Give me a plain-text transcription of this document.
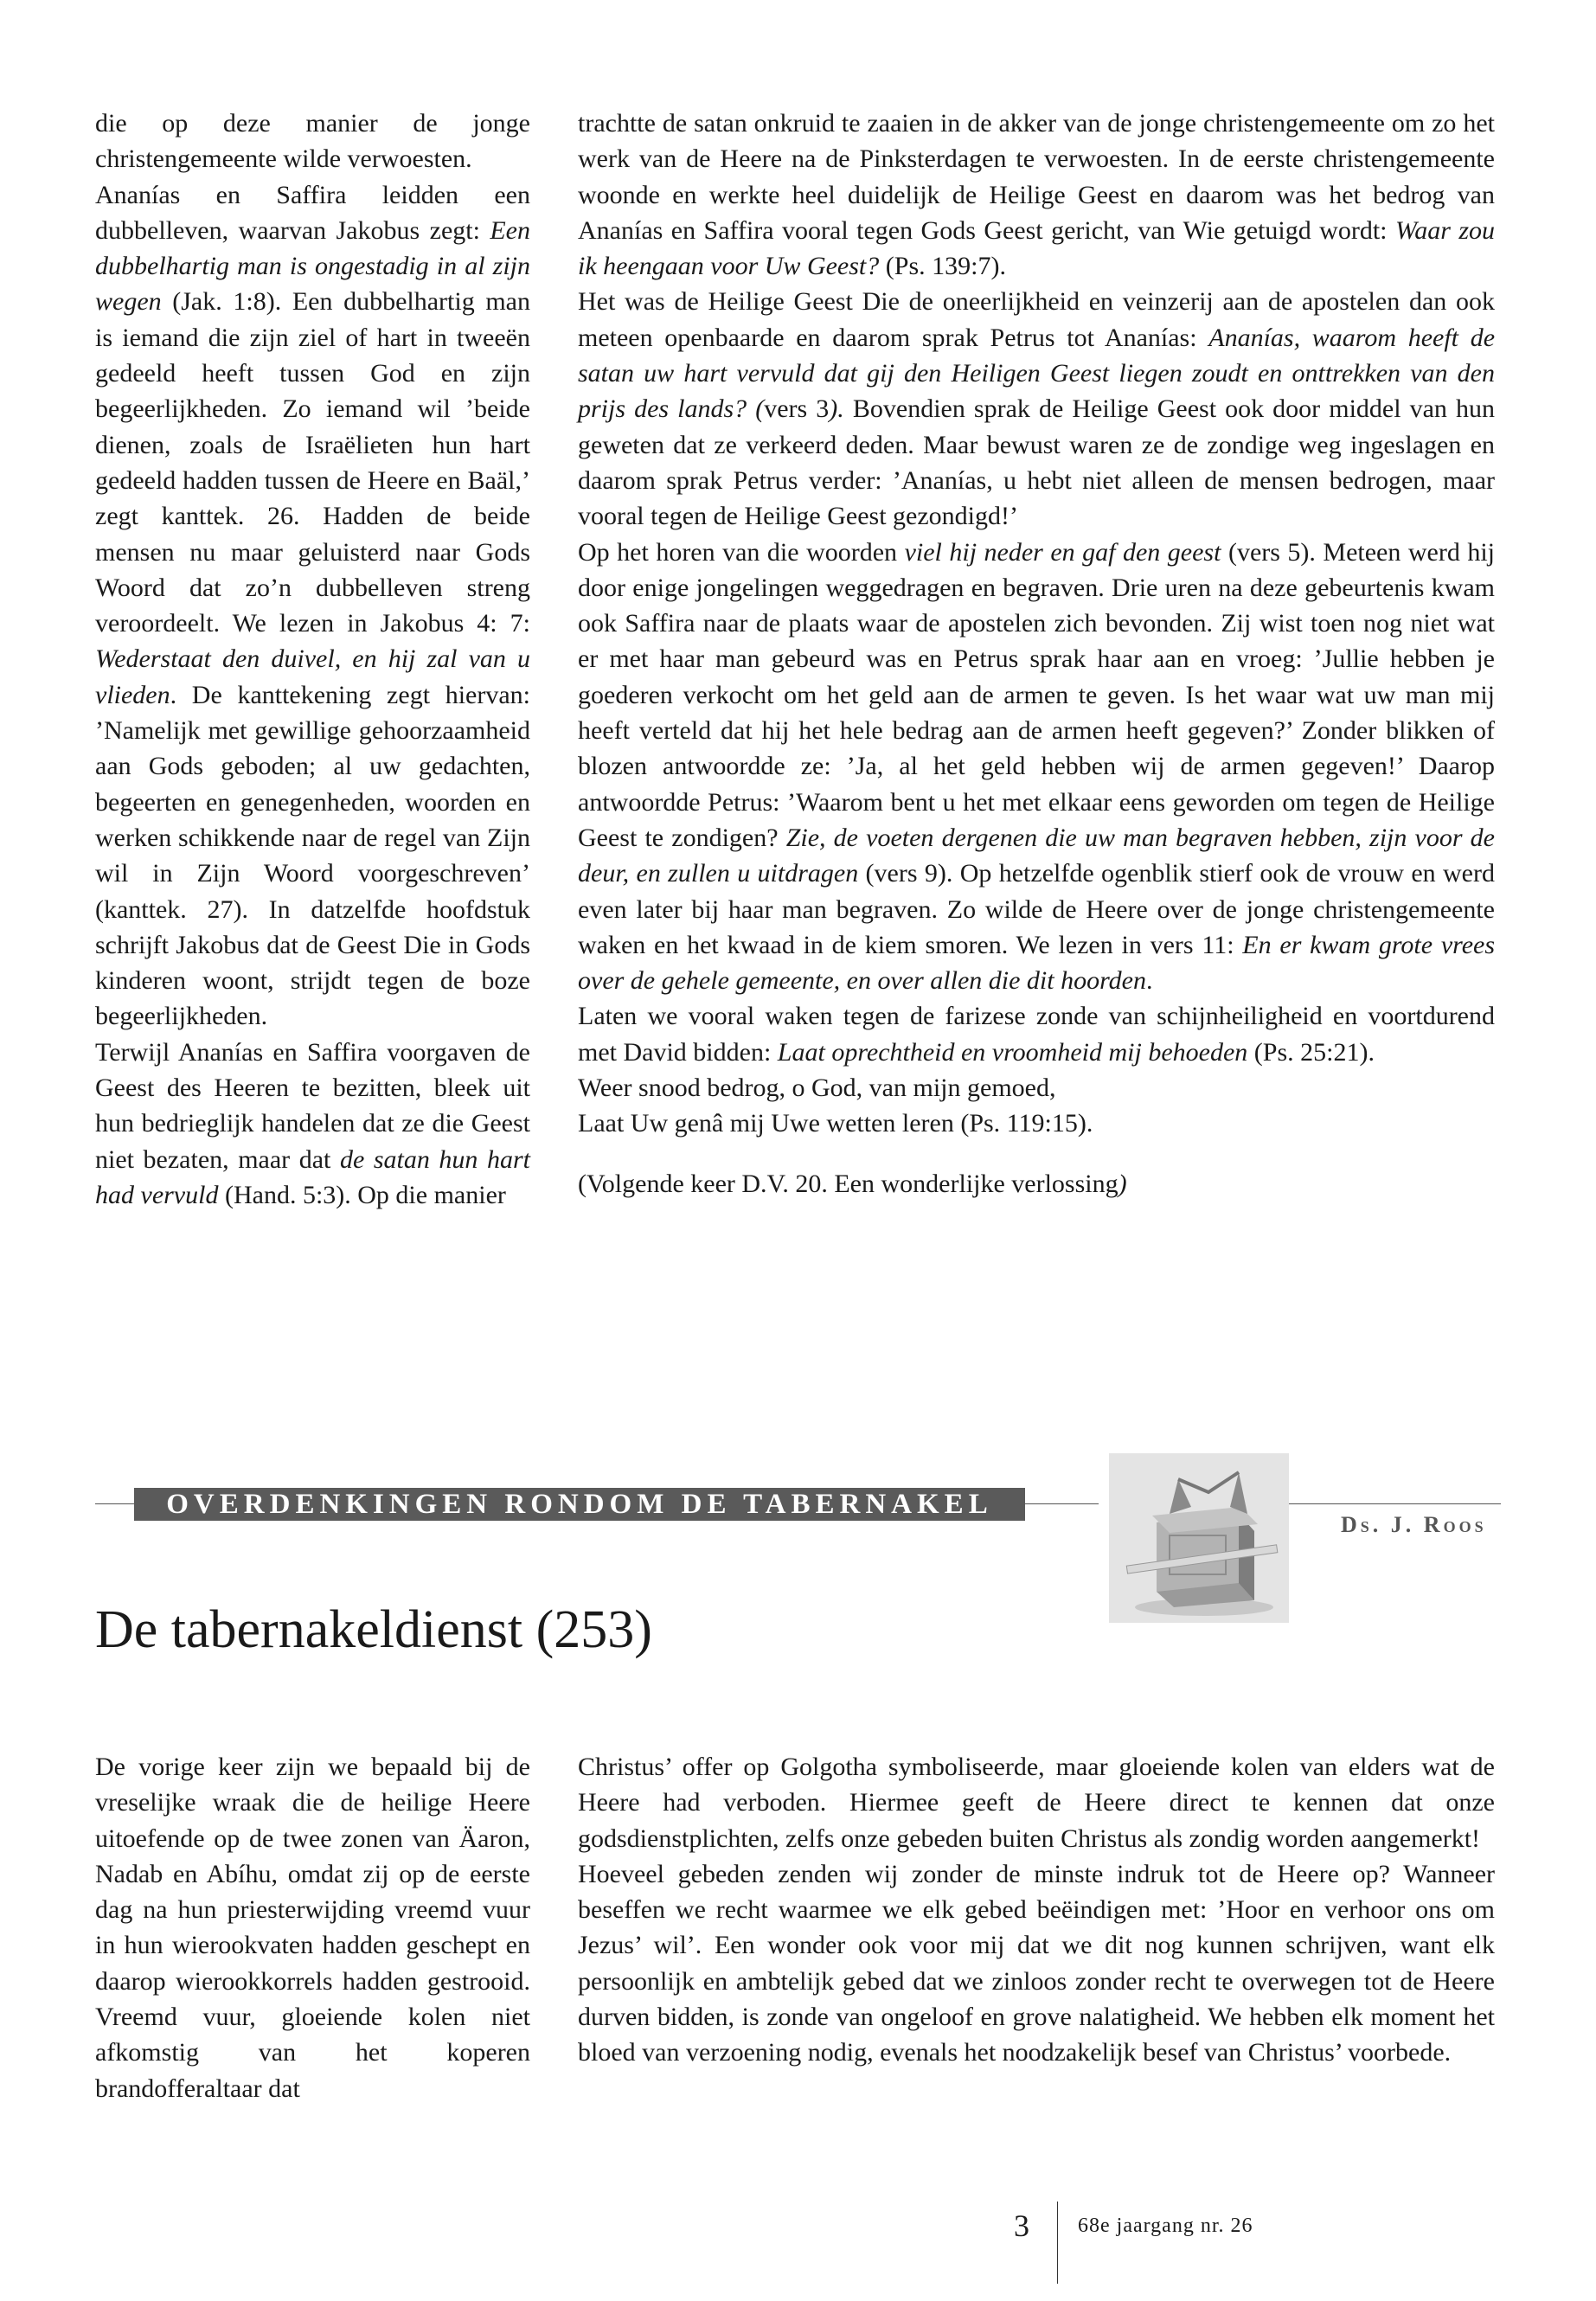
die op deze manier de jonge christengemeente wilde verwoesten.

Ananías en Saffira leidden een dubbelleven, waarvan Jakobus zegt: Een dubbelhartig man is ongestadig in al zijn wegen (Jak. 1:8). Een dubbelhartig man is iemand die zijn ziel of hart in tweeën gedeeld heeft tussen God en zijn begeerlijkheden. Zo iemand wil ’beide dienen, zoals de Israëlieten hun hart gedeeld hadden tussen de Heere en Baäl,’ zegt kanttek. 26. Hadden de beide mensen nu maar geluisterd naar Gods Woord dat zo’n dubbelleven streng veroordeelt. We lezen in Jakobus 4: 7: Wederstaat den duivel, en hij zal van u vlieden. De kanttekening zegt hiervan: ’Namelijk met gewillige gehoorzaamheid aan Gods geboden; al uw gedachten, begeerten en genegenheden, woorden en werken schikkende naar de regel van Zijn wil in Zijn Woord voorgeschreven’ (kanttek. 27). In datzelfde hoofdstuk schrijft Jakobus dat de Geest Die in Gods kinderen woont, strijdt tegen de boze begeerlijkheden.

Terwijl Ananías en Saffira voorgaven de Geest des Heeren te bezitten, bleek uit hun bedrieglijk handelen dat ze die Geest niet bezaten, maar dat de satan hun hart had vervuld (Hand. 5:3). Op die manier

trachtte de satan onkruid te zaaien in de akker van de jonge christengemeente om zo het werk van de Heere na de Pinksterdagen te verwoesten. In de eerste christengemeente woonde en werkte heel duidelijk de Heilige Geest en daarom was het bedrog van Ananías en Saffira vooral tegen Gods Geest gericht, van Wie getuigd wordt: Waar zou ik heengaan voor Uw Geest? (Ps. 139:7).

Het was de Heilige Geest Die de oneerlijkheid en veinzerij aan de apostelen dan ook meteen openbaarde en daarom sprak Petrus tot Ananías: Ananías, waarom heeft de satan uw hart vervuld dat gij den Heiligen Geest liegen zoudt en onttrekken van den prijs des lands? (vers 3). Bovendien sprak de Heilige Geest ook door middel van hun geweten dat ze verkeerd deden. Maar bewust waren ze de zondige weg ingeslagen en daarom sprak Petrus verder: ’Ananías, u hebt niet alleen de mensen bedrogen, maar vooral tegen de Heilige Geest gezondigd!’

Op het horen van die woorden viel hij neder en gaf den geest (vers 5). Meteen werd hij door enige jongelingen weggedragen en begraven. Drie uren na deze gebeurtenis kwam ook Saffira naar de plaats waar de apostelen zich bevonden. Zij wist toen nog niet wat er met haar man gebeurd was en Petrus sprak haar aan en vroeg: ’Jullie hebben je goederen verkocht om het geld aan de armen te geven. Is het waar wat uw man mij heeft verteld dat hij het hele bedrag aan de armen heeft gegeven?’ Zonder blikken of blozen antwoordde ze: ’Ja, al het geld hebben wij de armen gegeven!’ Daarop antwoordde Petrus: ’Waarom bent u het met elkaar eens geworden om tegen de Heilige Geest te zondigen? Zie, de voeten dergenen die uw man begraven hebben, zijn voor de deur, en zullen u uitdragen (vers 9). Op hetzelfde ogenblik stierf ook de vrouw en werd even later bij haar man begraven. Zo wilde de Heere over de jonge christengemeente waken en het kwaad in de kiem smoren. We lezen in vers 11: En er kwam grote vrees over de gehele gemeente, en over allen die dit hoorden.

Laten we vooral waken tegen de farizese zonde van schijnheiligheid en voortdurend met David bidden: Laat oprechtheid en vroomheid mij behoeden (Ps. 25:21).

Weer snood bedrog, o God, van mijn gemoed,
Laat Uw genâ mij Uwe wetten leren (Ps. 119:15).

(Volgende keer D.V. 20. Een wonderlijke verlossing)

OVERDENKINGEN RONDOM DE TABERNAKEL
Ds. J. Roos
De tabernakeldienst (253)

De vorige keer zijn we bepaald bij de vreselijke wraak die de heilige Heere uitoefende op de twee zonen van Äaron, Nadab en Abíhu, omdat zij op de eerste dag na hun priesterwijding vreemd vuur in hun wierookvaten hadden geschept en daarop wierookkorrels hadden gestrooid. Vreemd vuur, gloeiende kolen niet afkomstig van het koperen brandofferaltaar dat

Christus’ offer op Golgotha symboliseerde, maar gloeiende kolen van elders wat de Heere had verboden. Hiermee geeft de Heere direct te kennen dat onze godsdienstplichten, zelfs onze gebeden buiten Christus als zondig worden aangemerkt!

Hoeveel gebeden zenden wij zonder de minste indruk tot de Heere op? Wanneer beseffen we recht waarmee we elk gebed beëindigen met: ’Hoor en verhoor ons om Jezus’ wil’. Een wonder ook voor mij dat we dit nog kunnen schrijven, want elk persoonlijk en ambtelijk gebed dat we zinloos zonder recht te overwegen tot de Heere durven bidden, is zonde van ongeloof en grove nalatigheid. We hebben elk moment het bloed van verzoening nodig, evenals het noodzakelijk besef van Christus’ voorbede.

3 68e jaargang nr. 26
